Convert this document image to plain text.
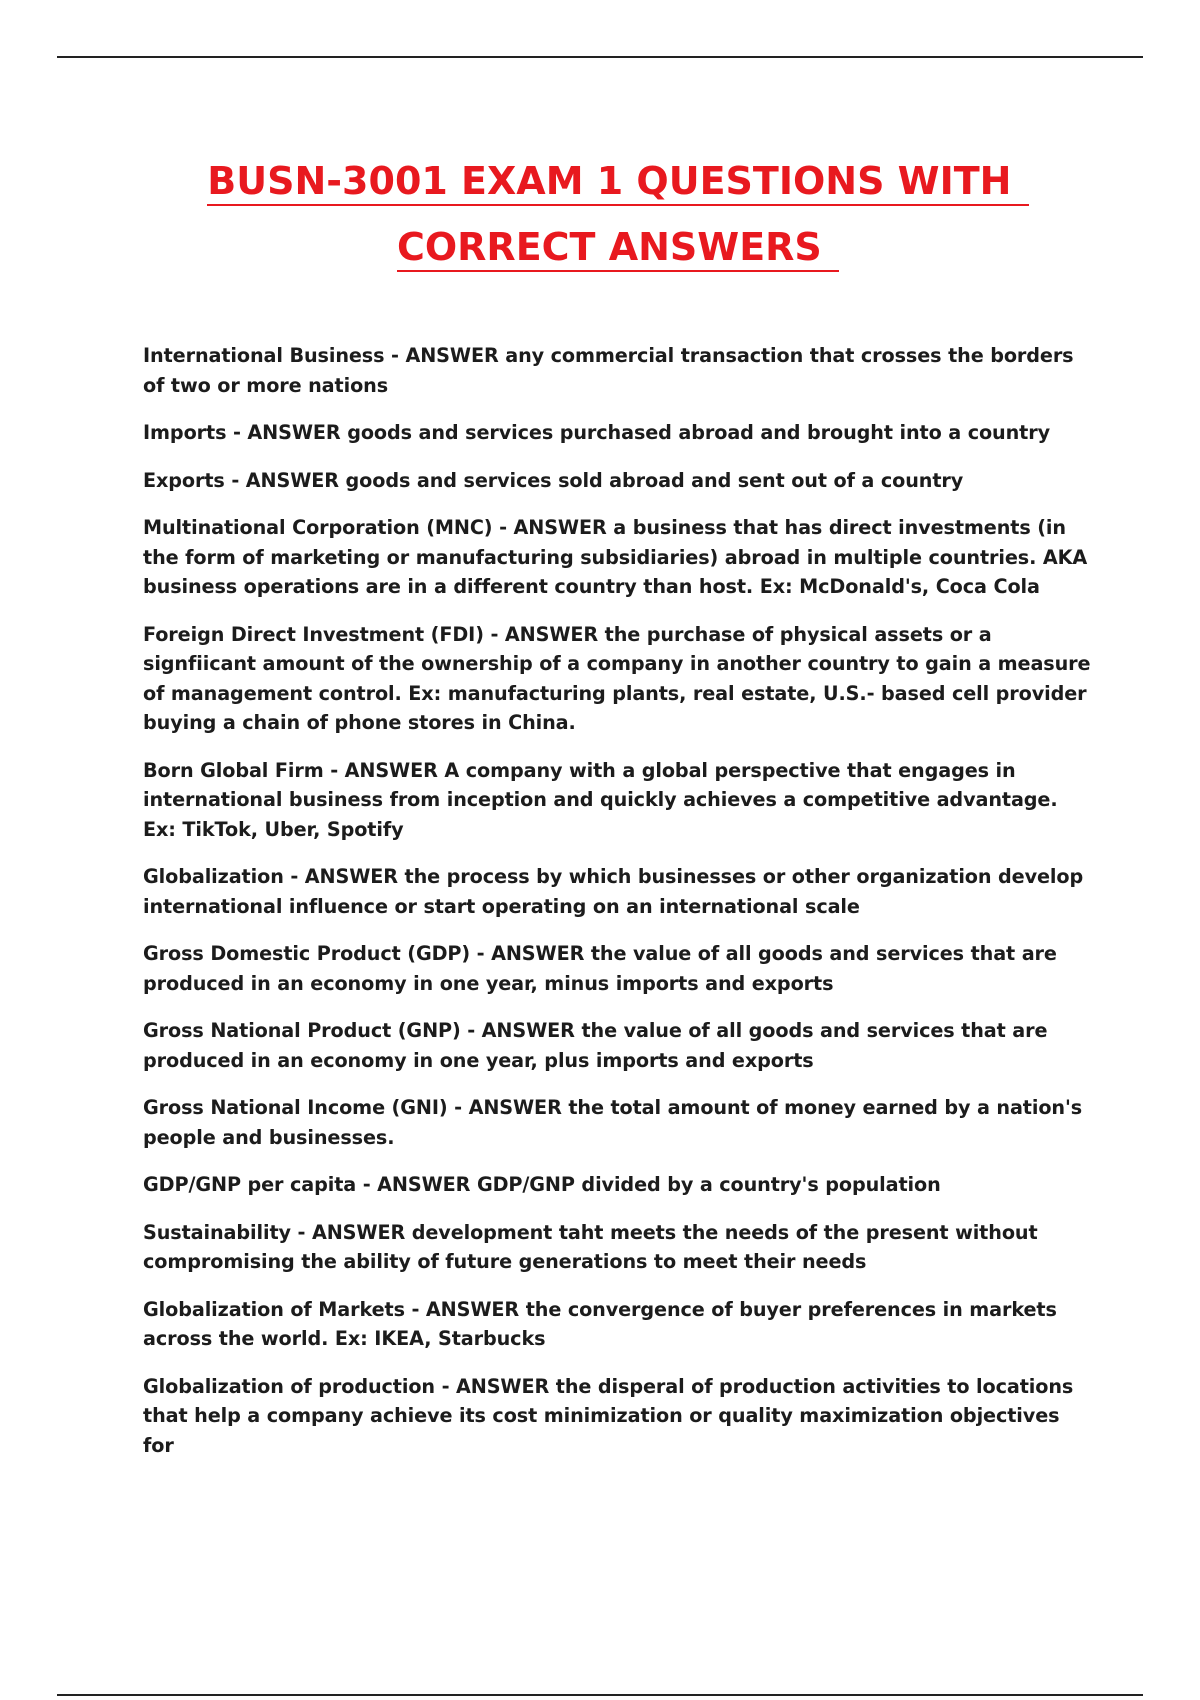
BUSN-3001 EXAM 1 QUESTIONS WITH
CORRECT ANSWERS

International Business - ANSWER any commercial transaction that crosses the borders of two or more nations

Imports - ANSWER goods and services purchased abroad and brought into a country

Exports - ANSWER goods and services sold abroad and sent out of a country

Multinational Corporation (MNC) - ANSWER a business that has direct investments (in the form of marketing or manufacturing subsidiaries) abroad in multiple countries. AKA business operations are in a different country than host. Ex: McDonald's, Coca Cola

Foreign Direct Investment (FDI) - ANSWER the purchase of physical assets or a signfiicant amount of the ownership of a company in another country to gain a measure of management control. Ex: manufacturing plants, real estate, U.S.- based cell provider buying a chain of phone stores in China.

Born Global Firm - ANSWER A company with a global perspective that engages in international business from inception and quickly achieves a competitive advantage. Ex: TikTok, Uber, Spotify

Globalization - ANSWER the process by which businesses or other organization develop international influence or start operating on an international scale

Gross Domestic Product (GDP) - ANSWER the value of all goods and services that are produced in an economy in one year, minus imports and exports

Gross National Product (GNP) - ANSWER the value of all goods and services that are produced in an economy in one year, plus imports and exports

Gross National Income (GNI) - ANSWER the total amount of money earned by a nation's people and businesses.

GDP/GNP per capita - ANSWER GDP/GNP divided by a country's population

Sustainability - ANSWER development taht meets the needs of the present without compromising the ability of future generations to meet their needs

Globalization of Markets - ANSWER the convergence of buyer preferences in markets across the world. Ex: IKEA, Starbucks

Globalization of production - ANSWER the disperal of production activities to locations that help a company achieve its cost minimization or quality maximization objectives for
